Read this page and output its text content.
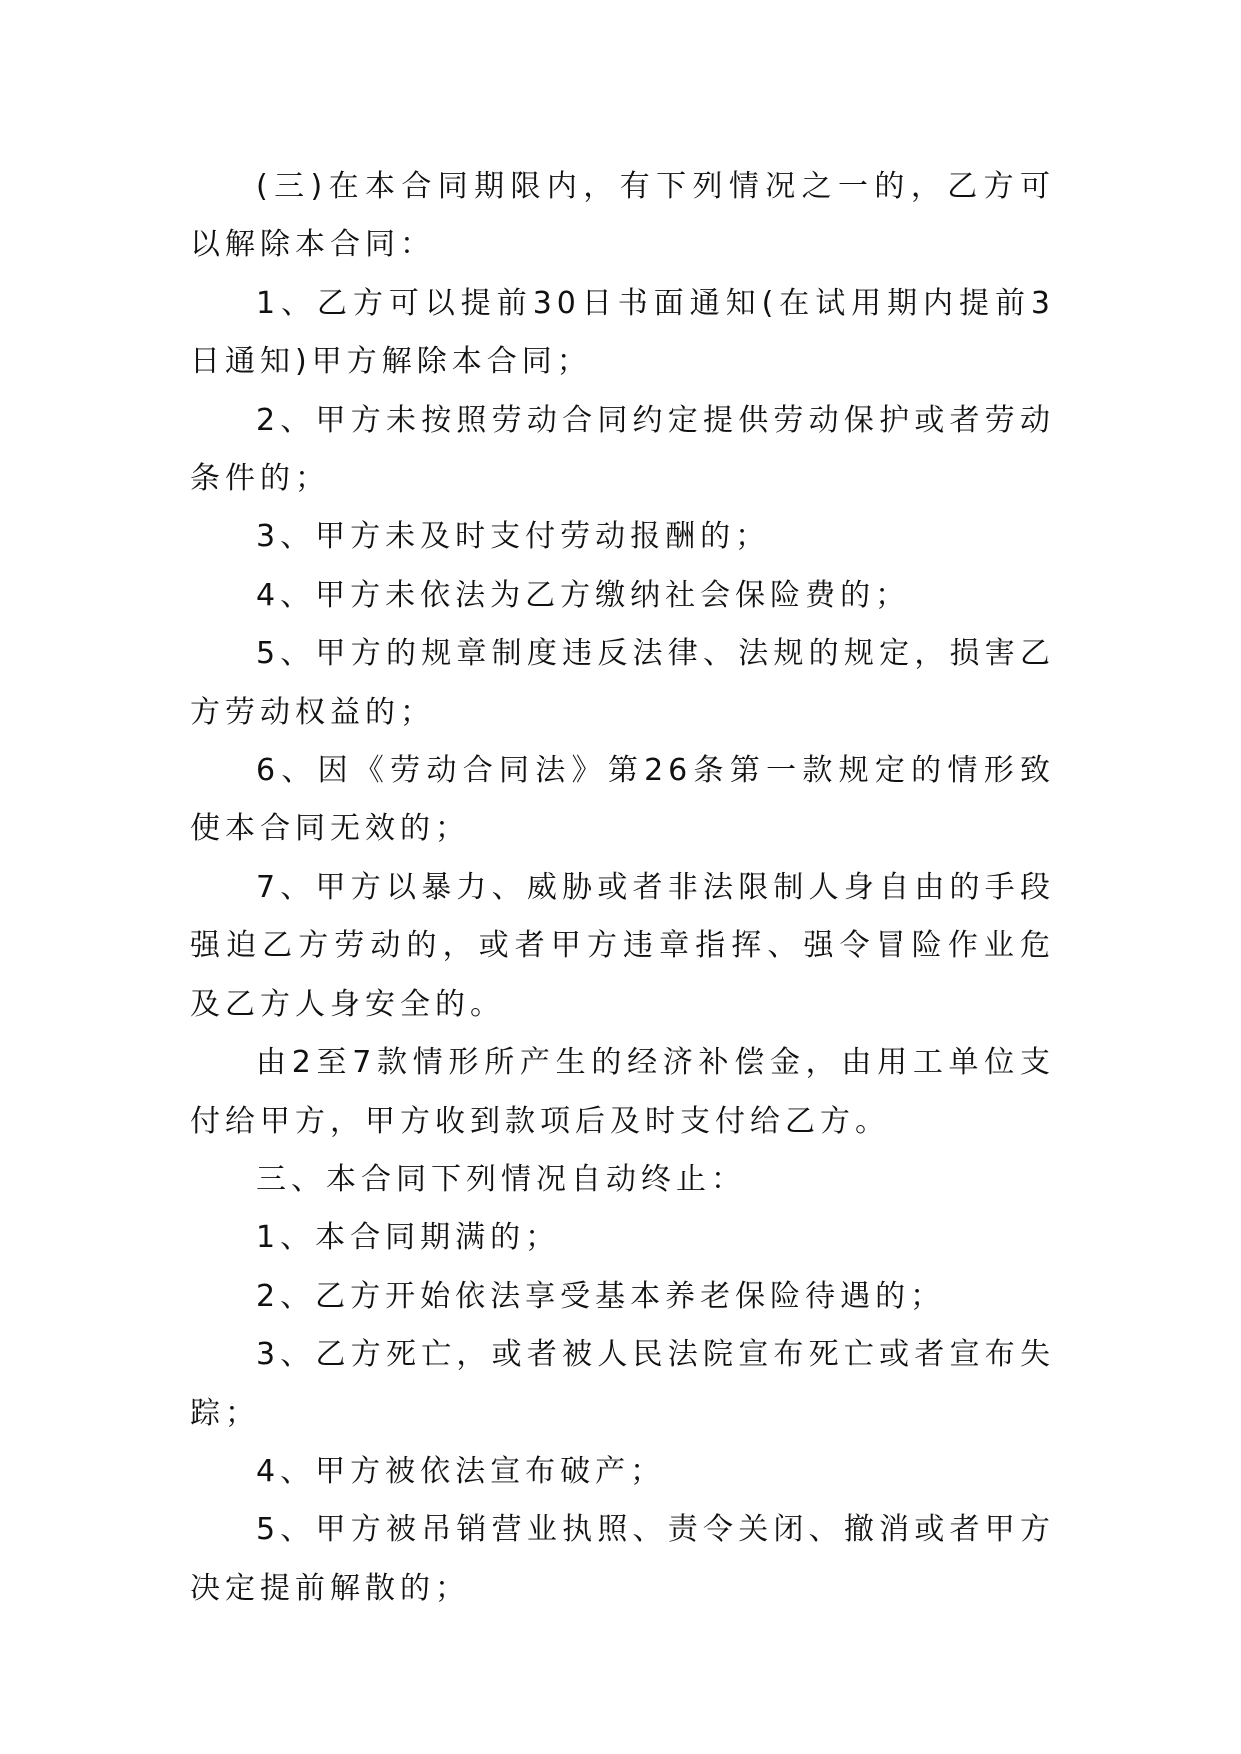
(三)在本合同期限内，有下列情况之一的，乙方可以解除本合同：

1、乙方可以提前30日书面通知(在试用期内提前3日通知)甲方解除本合同；

2、甲方未按照劳动合同约定提供劳动保护或者劳动条件的；

3、甲方未及时支付劳动报酬的；

4、甲方未依法为乙方缴纳社会保险费的；

5、甲方的规章制度违反法律、法规的规定，损害乙方劳动权益的；

6、因《劳动合同法》第26条第一款规定的情形致使本合同无效的；

7、甲方以暴力、威胁或者非法限制人身自由的手段强迫乙方劳动的，或者甲方违章指挥、强令冒险作业危及乙方人身安全的。

由2至7款情形所产生的经济补偿金，由用工单位支付给甲方，甲方收到款项后及时支付给乙方。

三、本合同下列情况自动终止：

1、本合同期满的；

2、乙方开始依法享受基本养老保险待遇的；

3、乙方死亡，或者被人民法院宣布死亡或者宣布失踪；

4、甲方被依法宣布破产；

5、甲方被吊销营业执照、责令关闭、撤消或者甲方决定提前解散的；
